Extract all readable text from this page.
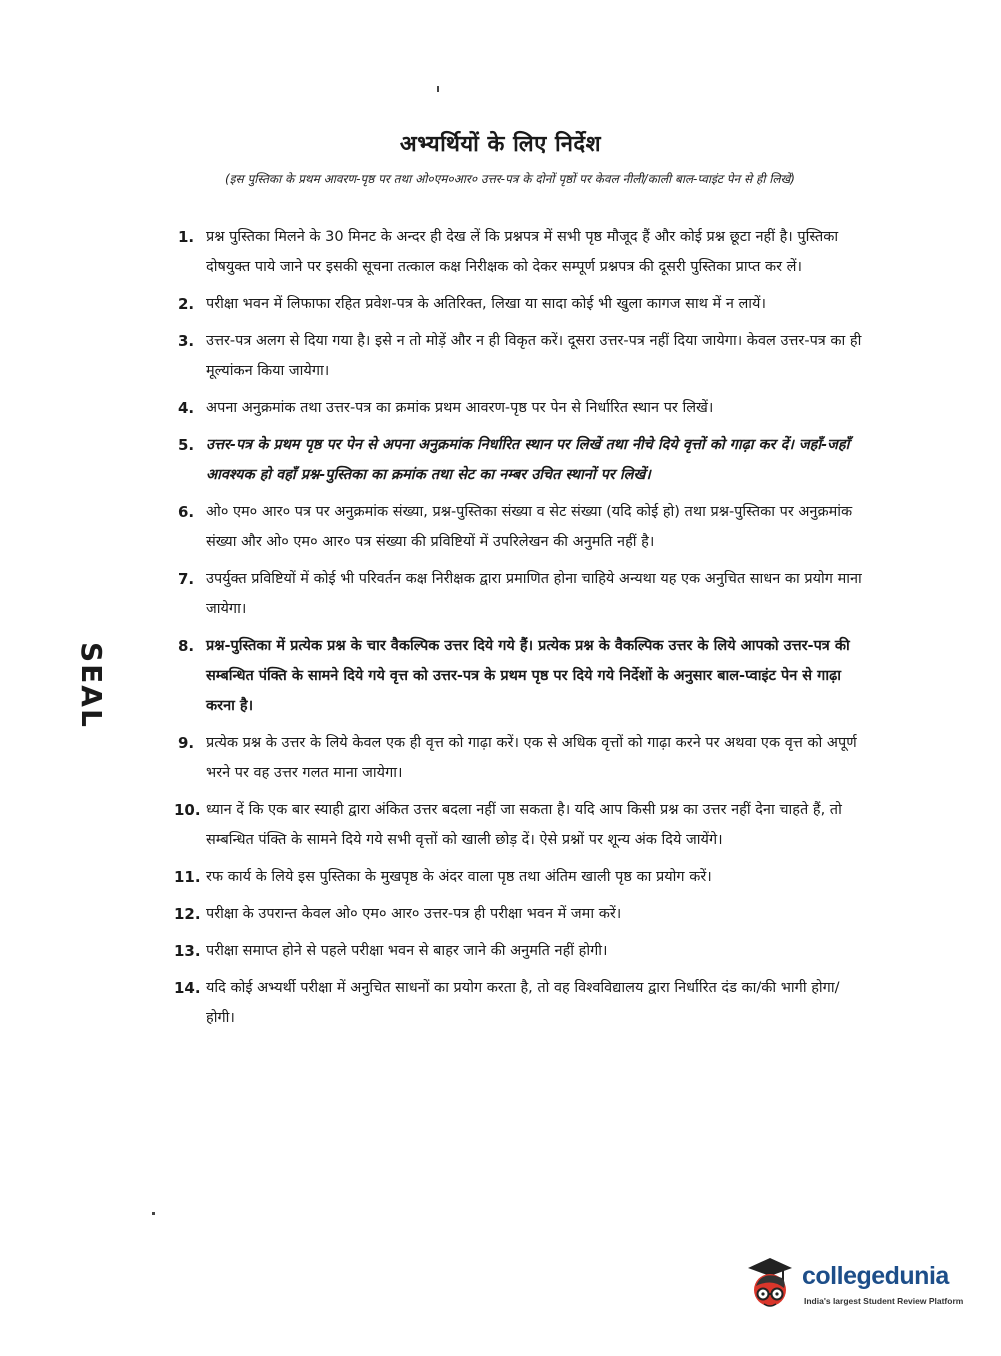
अभ्यर्थियों के लिए निर्देश
(इस पुस्तिका के प्रथम आवरण-पृष्ठ पर तथा ओ०एम०आर० उत्तर-पत्र के दोनों पृष्ठों पर केवल नीली/काली बाल-प्वाइंट पेन से ही लिखें)
SEAL
1. प्रश्न पुस्तिका मिलने के 30 मिनट के अन्दर ही देख लें कि प्रश्नपत्र में सभी पृष्ठ मौजूद हैं और कोई प्रश्न छूटा नहीं है। पुस्तिका दोषयुक्त पाये जाने पर इसकी सूचना तत्काल कक्ष निरीक्षक को देकर सम्पूर्ण प्रश्नपत्र की दूसरी पुस्तिका प्राप्त कर लें।
2. परीक्षा भवन में लिफाफा रहित प्रवेश-पत्र के अतिरिक्त, लिखा या सादा कोई भी खुला कागज साथ में न लायें।
3. उत्तर-पत्र अलग से दिया गया है। इसे न तो मोड़ें और न ही विकृत करें। दूसरा उत्तर-पत्र नहीं दिया जायेगा। केवल उत्तर-पत्र का ही मूल्यांकन किया जायेगा।
4. अपना अनुक्रमांक तथा उत्तर-पत्र का क्रमांक प्रथम आवरण-पृष्ठ पर पेन से निर्धारित स्थान पर लिखें।
5. उत्तर-पत्र के प्रथम पृष्ठ पर पेन से अपना अनुक्रमांक निर्धारित स्थान पर लिखें तथा नीचे दिये वृत्तों को गाढ़ा कर दें। जहाँ-जहाँ आवश्यक हो वहाँ प्रश्न-पुस्तिका का क्रमांक तथा सेट का नम्बर उचित स्थानों पर लिखें।
6. ओ० एम० आर० पत्र पर अनुक्रमांक संख्या, प्रश्न-पुस्तिका संख्या व सेट संख्या (यदि कोई हो) तथा प्रश्न-पुस्तिका पर अनुक्रमांक संख्या और ओ० एम० आर० पत्र संख्या की प्रविष्टियों में उपरिलेखन की अनुमति नहीं है।
7. उपर्युक्त प्रविष्टियों में कोई भी परिवर्तन कक्ष निरीक्षक द्वारा प्रमाणित होना चाहिये अन्यथा यह एक अनुचित साधन का प्रयोग माना जायेगा।
8. प्रश्न-पुस्तिका में प्रत्येक प्रश्न के चार वैकल्पिक उत्तर दिये गये हैं। प्रत्येक प्रश्न के वैकल्पिक उत्तर के लिये आपको उत्तर-पत्र की सम्बन्धित पंक्ति के सामने दिये गये वृत्त को उत्तर-पत्र के प्रथम पृष्ठ पर दिये गये निर्देशों के अनुसार बाल-प्वाइंट पेन से गाढ़ा करना है।
9. प्रत्येक प्रश्न के उत्तर के लिये केवल एक ही वृत्त को गाढ़ा करें। एक से अधिक वृत्तों को गाढ़ा करने पर अथवा एक वृत्त को अपूर्ण भरने पर वह उत्तर गलत माना जायेगा।
10. ध्यान दें कि एक बार स्याही द्वारा अंकित उत्तर बदला नहीं जा सकता है। यदि आप किसी प्रश्न का उत्तर नहीं देना चाहते हैं, तो सम्बन्धित पंक्ति के सामने दिये गये सभी वृत्तों को खाली छोड़ दें। ऐसे प्रश्नों पर शून्य अंक दिये जायेंगे।
11. रफ कार्य के लिये इस पुस्तिका के मुखपृष्ठ के अंदर वाला पृष्ठ तथा अंतिम खाली पृष्ठ का प्रयोग करें।
12. परीक्षा के उपरान्त केवल ओ० एम० आर० उत्तर-पत्र ही परीक्षा भवन में जमा करें।
13. परीक्षा समाप्त होने से पहले परीक्षा भवन से बाहर जाने की अनुमति नहीं होगी।
14. यदि कोई अभ्यर्थी परीक्षा में अनुचित साधनों का प्रयोग करता है, तो वह विश्वविद्यालय द्वारा निर्धारित दंड का/की भागी होगा/होगी।
collegedunia
India's largest Student Review Platform
